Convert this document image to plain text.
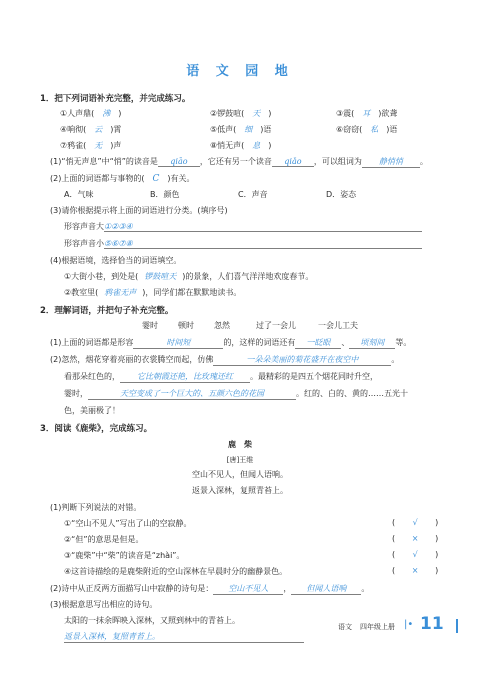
语 文 园 地
1．把下列词语补充完整，并完成练习。
①人声鼎( 沸 )	②锣鼓喧( 天 )	③震( 耳 )欲聋
④响彻( 云 )霄	⑤低声( 细 )语	⑥窃窃( 私 )语
⑦鸦雀( 无 )声	⑧悄无声( 息 )
(1)“悄无声息”中“悄”的读音是 qiāo ，它还有另一个读音 qiǎo ，可以组词为 静悄悄 。
(2)上面的词语都与事物的( C )有关。
A．气味	B．颜色	C．声音	D．姿态
(3)请你根据提示将上面的词语进行分类。(填序号)
形容声音大①②③④
形容声音小⑤⑥⑦⑧
(4)根据语境，选择恰当的词语填空。
①大街小巷，到处是( 锣鼓喧天 )的景象，人们喜气洋洋地欢度春节。
②教室里( 鸦雀无声 )，同学们都在默默地读书。
2．理解词语，并把句子补充完整。
霎时	顿时	忽然	过了一会儿	一会儿工夫
(1)上面的词语都是形容	时间短	的，这样的词语还有 一眨眼 、 顷刻间 等。
(2)忽然，烟花穿着亮丽的衣裳腾空而起，仿佛	一朵朵美丽的菊花盛开在夜空中	。
看那朵红色的， 它比朝霞还艳，比玫瑰还红 。最精彩的是四五个烟花同时升空，
霎时，	天空变成了一个巨大的、五颜六色的花园	。红的、白的、黄的……五光十
色，美丽极了！
3．阅读《鹿柴》，完成练习。
鹿　柴
[唐]王维
空山不见人，但闻人语响。
返景入深林，复照青苔上。
(1)判断下列说法的对错。
①“空山不见人”写出了山的空寂静。	( √ )
②“但”的意思是但是。	( × )
③“鹿柴”中“柴”的读音是“zhài”。	( √ )
④这首诗描绘的是鹿柴附近的空山深林在早晨时分的幽静景色。	( × )
(2)诗中从正反两方面描写山中寂静的诗句是： 空山不见人 ， 但闻人语响 。
(3)根据意思写出相应的诗句。
太阳的一抹余晖映入深林，又照到林中的青苔上。
返景入深林，复照青苔上。
语文 四年级上册 |• 11
